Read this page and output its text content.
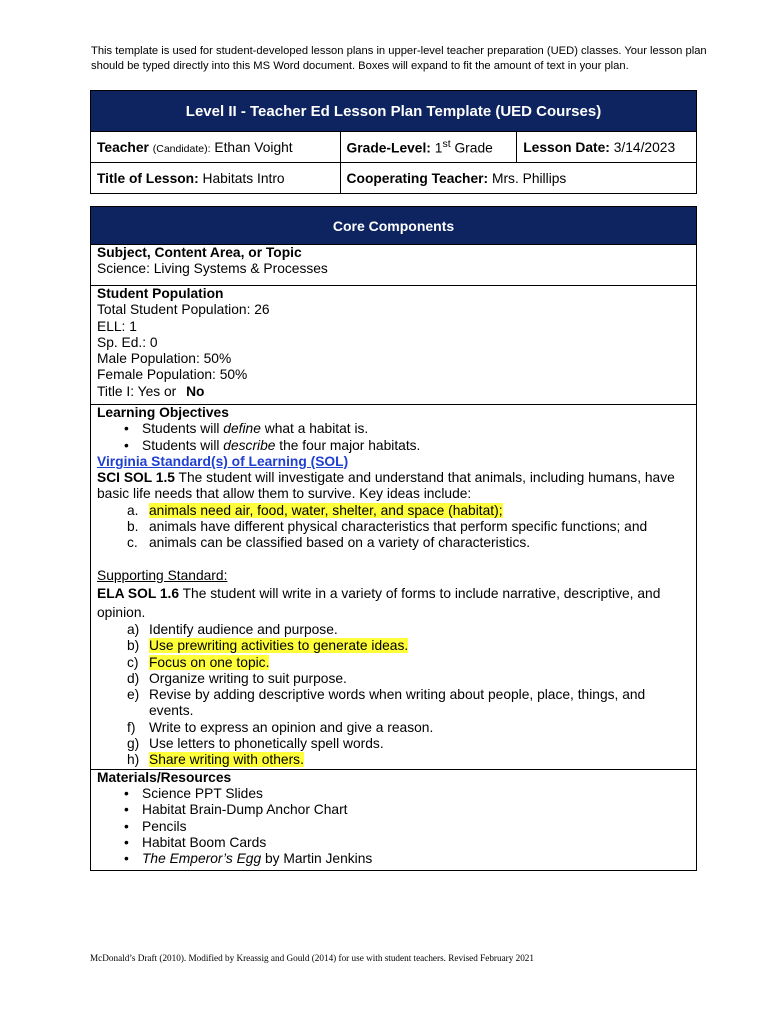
This template is used for student-developed lesson plans in upper-level teacher preparation (UED) classes. Your lesson plan should be typed directly into this MS Word document. Boxes will expand to fit the amount of text in your plan.
Level II - Teacher Ed Lesson Plan Template (UED Courses)		
Teacher (Candidate): Ethan Voight	Grade-Level: 1st Grade	Lesson Date: 3/14/2023
Title of Lesson: Habitats Intro	Cooperating Teacher: Mrs. Phillips	
Core Components

Subject, Content Area, or Topic
Science: Living Systems & Processes

Student Population
Total Student Population: 26
ELL: 1
Sp. Ed.: 0
Male Population: 50%
Female Population: 50%
Title I: Yes or No

Learning Objectives
• Students will define what a habitat is.
• Students will describe the four major habitats.
Virginia Standard(s) of Learning (SOL)
SCI SOL 1.5 The student will investigate and understand that animals, including humans, have basic life needs that allow them to survive. Key ideas include:
a. animals need air, food, water, shelter, and space (habitat);
b. animals have different physical characteristics that perform specific functions; and
c. animals can be classified based on a variety of characteristics.
Supporting Standard:
ELA SOL 1.6 The student will write in a variety of forms to include narrative, descriptive, and opinion.
a) Identify audience and purpose.
b) Use prewriting activities to generate ideas.
c) Focus on one topic.
d) Organize writing to suit purpose.
e) Revise by adding descriptive words when writing about people, place, things, and events.
f) Write to express an opinion and give a reason.
g) Use letters to phonetically spell words.
h) Share writing with others.

Materials/Resources
• Science PPT Slides
• Habitat Brain-Dump Anchor Chart
• Pencils
• Habitat Boom Cards
• The Emperor’s Egg by Martin Jenkins
McDonald’s Draft (2010). Modified by Kreassig and Gould (2014) for use with student teachers. Revised February 2021
